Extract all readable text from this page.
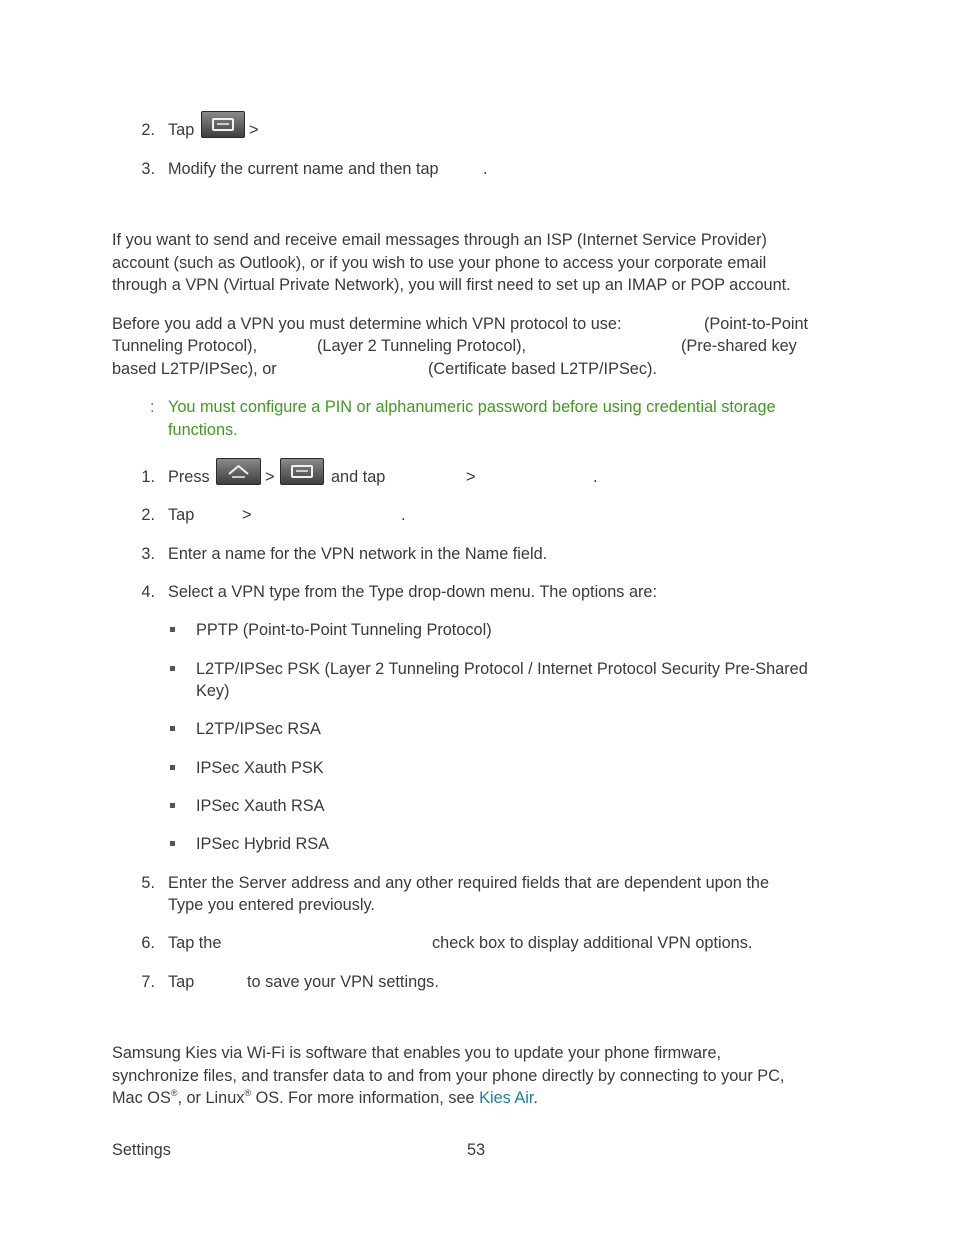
2. Tap	>
3. Modify the current name and then tap	.
If you want to send and receive email messages through an ISP (Internet Service Provider)
account (such as Outlook), or if you wish to use your phone to access your corporate email
through a VPN (Virtual Private Network), you will first need to set up an IMAP or POP account.
Before you add a VPN you must determine which VPN protocol to use:	(Point-to-Point
Tunneling Protocol),	(Layer 2 Tunneling Protocol),	(Pre-shared key
based L2TP/IPSec), or	(Certificate based L2TP/IPSec).
: You must configure a PIN or alphanumeric password before using credential storage
functions.
1. Press	>	and tap	>	.
2. Tap	>	.
3. Enter a name for the VPN network in the Name field.
4. Select a VPN type from the Type drop-down menu. The options are:
PPTP (Point-to-Point Tunneling Protocol)
L2TP/IPSec PSK (Layer 2 Tunneling Protocol / Internet Protocol Security Pre-Shared
Key)
L2TP/IPSec RSA
IPSec Xauth PSK
IPSec Xauth RSA
IPSec Hybrid RSA
5. Enter the Server address and any other required fields that are dependent upon the
Type you entered previously.
6. Tap the	check box to display additional VPN options.
7. Tap	to save your VPN settings.
Samsung Kies via Wi-Fi is software that enables you to update your phone firmware,
synchronize files, and transfer data to and from your phone directly by connecting to your PC,
Mac OS®, or Linux® OS. For more information, see Kies Air.
Settings	53
